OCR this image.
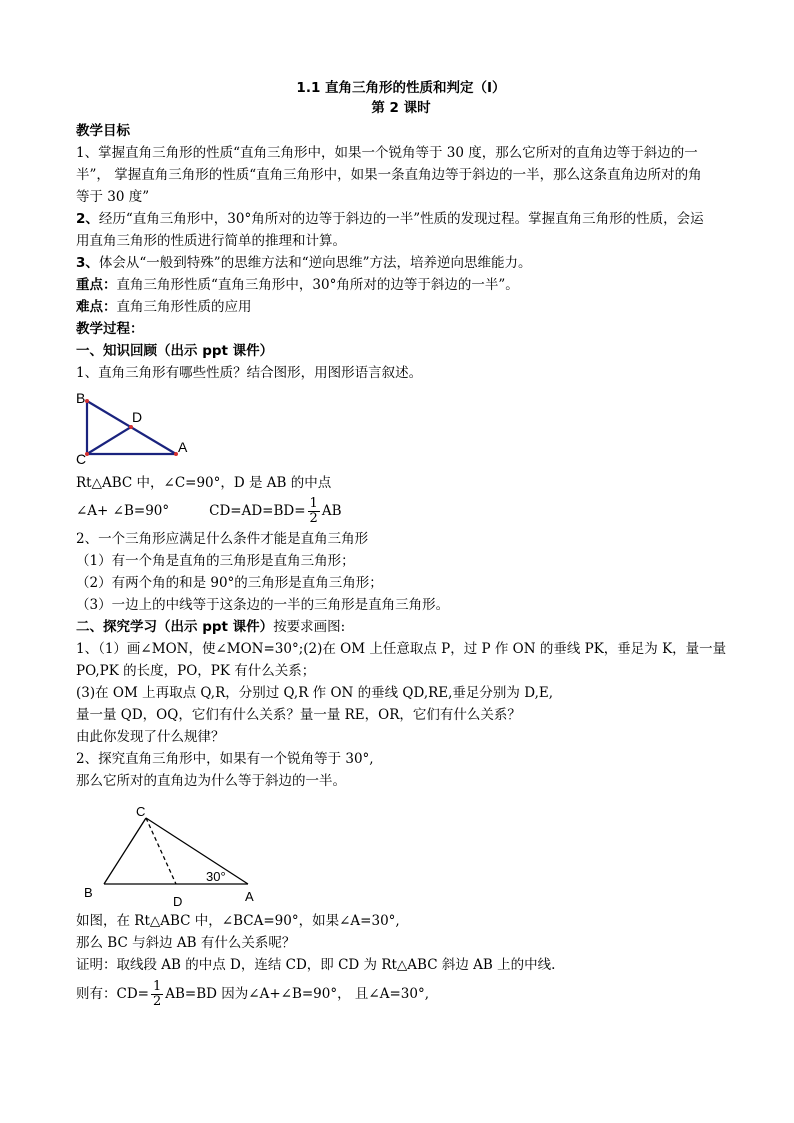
1.1 直角三角形的性质和判定（Ⅰ）
第 2 课时

教学目标

1、掌握直角三角形的性质“直角三角形中，如果一个锐角等于 30 度，那么它所对的直角边等于斜边的一

半”， 掌握直角三角形的性质“直角三角形中，如果一条直角边等于斜边的一半，那么这条直角边所对的角

等于 30 度”

2、经历“直角三角形中，30°角所对的边等于斜边的一半”性质的发现过程。掌握直角三角形的性质，会运

用直角三角形的性质进行简单的推理和计算。

3、体会从“一般到特殊”的思维方法和“逆向思维”方法，培养逆向思维能力。

重点：直角三角形性质“直角三角形中，30°角所对的边等于斜边的一半”。

难点：直角三角形性质的应用

教学过程：

一、知识回顾（出示 ppt 课件）

1、直角三角形有哪些性质？结合图形，用图形语言叙述。

B
D
C
A

Rt△ABC 中，∠C=90°，D 是 AB 的中点

∠A+ ∠B=90°	$CD=AD=BD= \frac{1}{2}$ AB

2、一个三角形应满足什么条件才能是直角三角形

（1）有一个角是直角的三角形是直角三角形；

（2）有两个角的和是 90°的三角形是直角三角形；

（3）一边上的中线等于这条边的一半的三角形是直角三角形。

二、探究学习（出示 ppt 课件）按要求画图:

1、（1）画∠MON，使∠MON=30°;(2)在 OM 上任意取点 P，过 P 作 ON 的垂线 PK，垂足为 K，量一量

PO,PK 的长度，PO，PK 有什么关系；

(3)在 OM 上再取点 Q,R，分别过 Q,R 作 ON 的垂线 QD,RE,垂足分别为 D,E,

量一量 QD，OQ，它们有什么关系？量一量 RE，OR，它们有什么关系？

由此你发现了什么规律？

2、探究直角三角形中，如果有一个锐角等于 30°,

那么它所对的直角边为什么等于斜边的一半。

C
B
D	A
30°

如图，在 Rt△ABC 中，∠BCA=90°，如果∠A=30°,

那么 BC 与斜边 AB 有什么关系呢？

证明：取线段 AB 的中点 D，连结 CD，即 CD 为 Rt△ABC 斜边 AB 上的中线.

则有：$CD= \frac{1}{2} AB=BD$ 因为∠A+∠B=90°， 且∠A=30°,
